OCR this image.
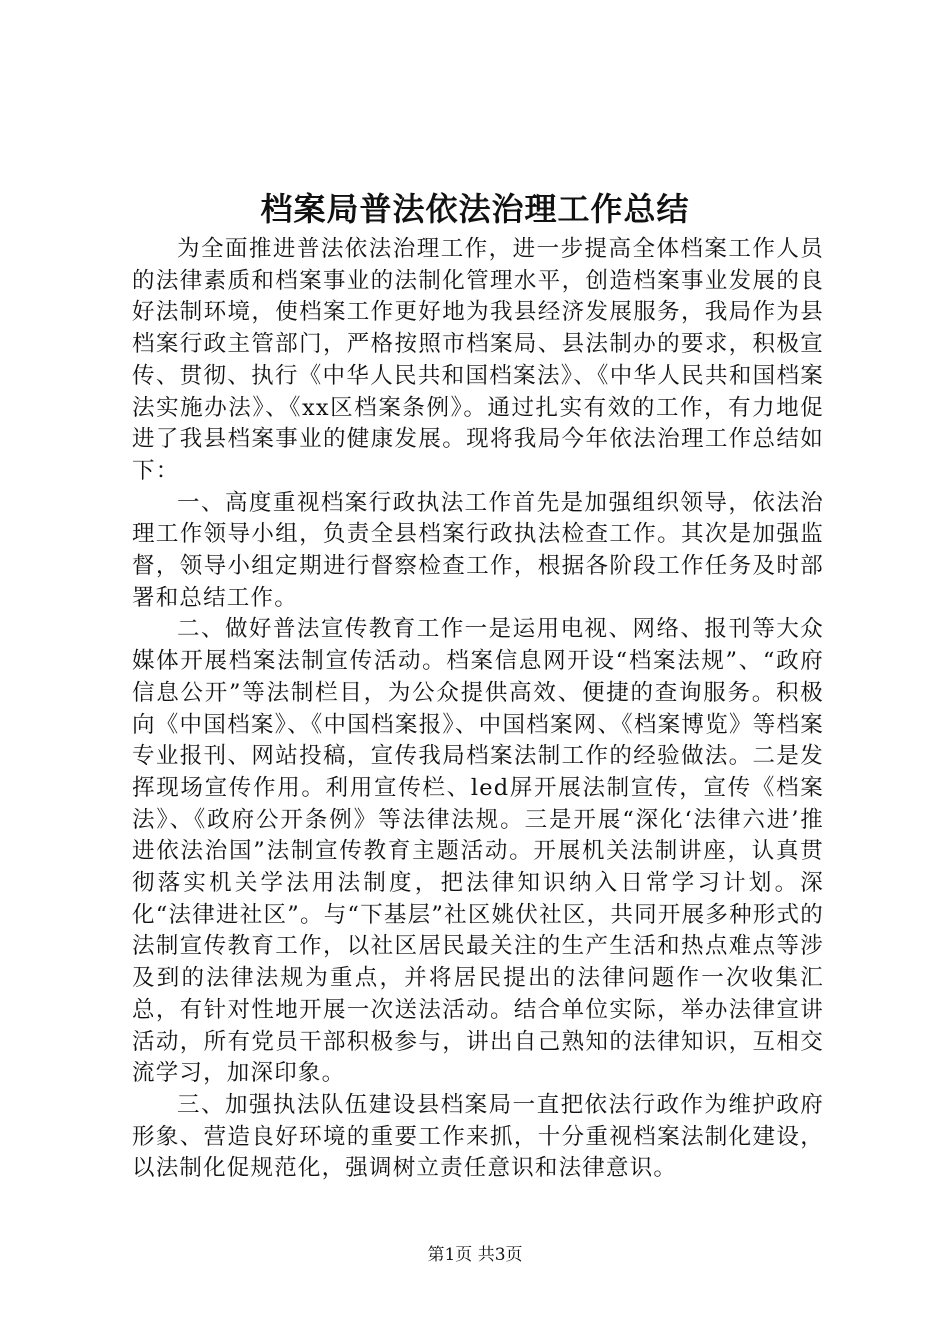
档案局普法依法治理工作总结

为全面推进普法依法治理工作，进一步提高全体档案工作人员的法律素质和档案事业的法制化管理水平，创造档案事业发展的良好法制环境，使档案工作更好地为我县经济发展服务，我局作为县档案行政主管部门，严格按照市档案局、县法制办的要求，积极宣传、贯彻、执行《中华人民共和国档案法》、《中华人民共和国档案法实施办法》、《xx区档案条例》。通过扎实有效的工作，有力地促进了我县档案事业的健康发展。现将我局今年依法治理工作总结如下：

一、高度重视档案行政执法工作首先是加强组织领导，依法治理工作领导小组，负责全县档案行政执法检查工作。其次是加强监督，领导小组定期进行督察检查工作，根据各阶段工作任务及时部署和总结工作。

二、做好普法宣传教育工作一是运用电视、网络、报刊等大众媒体开展档案法制宣传活动。档案信息网开设“档案法规”、“政府信息公开”等法制栏目，为公众提供高效、便捷的查询服务。积极向《中国档案》、《中国档案报》、中国档案网、《档案博览》等档案专业报刊、网站投稿，宣传我局档案法制工作的经验做法。二是发挥现场宣传作用。利用宣传栏、led屏开展法制宣传，宣传《档案法》、《政府公开条例》等法律法规。三是开展“深化‘法律六进’推进依法治国”法制宣传教育主题活动。开展机关法制讲座，认真贯彻落实机关学法用法制度，把法律知识纳入日常学习计划。深化“法律进社区”。与“下基层”社区姚伏社区，共同开展多种形式的法制宣传教育工作，以社区居民最关注的生产生活和热点难点等涉及到的法律法规为重点，并将居民提出的法律问题作一次收集汇总，有针对性地开展一次送法活动。结合单位实际，举办法律宣讲活动，所有党员干部积极参与，讲出自己熟知的法律知识，互相交流学习，加深印象。

三、加强执法队伍建设县档案局一直把依法行政作为维护政府形象、营造良好环境的重要工作来抓，十分重视档案法制化建设，以法制化促规范化，强调树立责任意识和法律意识。

第1页 共3页
